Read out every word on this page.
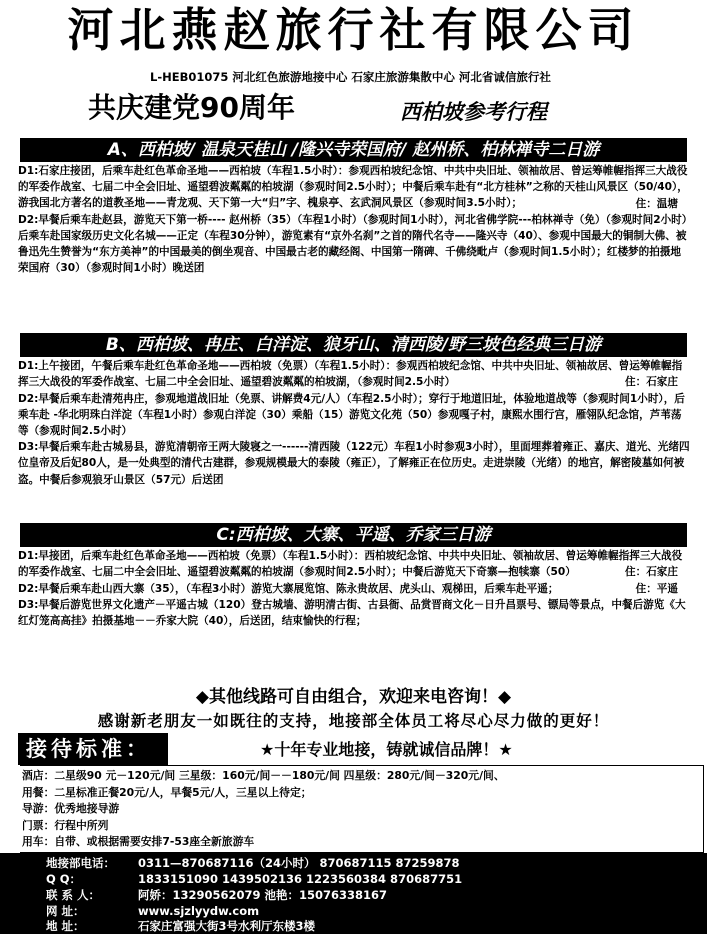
河北燕赵旅行社有限公司
L-HEB01075 河北红色旅游地接中心 石家庄旅游集散中心 河北省诚信旅行社
共庆建党90周年	西柏坡参考行程
A、西柏坡/ 温泉天桂山 /隆兴寺荣国府/ 赵州桥、柏林禅寺二日游

D1:石家庄接团，后乘车赴红色革命圣地——西柏坡（车程1.5小时）：参观西柏坡纪念馆、中共中央旧址、领袖故居、曾运筹帷幄指挥三大战役的军委作战室、七届二中全会旧址、遥望碧波粼粼的柏坡湖（参观时间2.5小时）；中餐后乘车赴有“北方桂林”之称的天桂山风景区（50/40），游我国北方著名的道教圣地——青龙观、天下第一大“归”字、槐泉亭、玄武洞风景区（参观时间3.5小时）；	住：温塘

D2:早餐后乘车赴赵县，游览天下第一桥---- 赵州桥（35）（车程1小时）（参观时间1小时），河北省佛学院---柏林禅寺（免）（参观时间2小时）后乘车赴国家级历史文化名城——正定（车程30分钟），游览素有“京外名刹”之首的隋代名寺——隆兴寺（40）、参观中国最大的铜制大佛、被鲁迅先生赞誉为“东方美神”的中国最美的倒坐观音、中国最古老的藏经阁、中国第一隋碑、千佛绕毗卢（参观时间1.5小时）；红楼梦的拍摄地荣国府（30）（参观时间1小时）晚送团

B、西柏坡、冉庄、白洋淀、狼牙山、清西陵/野三坡色经典三日游

D1:上午接团，午餐后乘车赴红色革命圣地——西柏坡（免票）（车程1.5小时）：参观西柏坡纪念馆、中共中央旧址、领袖故居、曾运筹帷幄指挥三大战役的军委作战室、七届二中全会旧址、遥望碧波粼粼的柏坡湖，（参观时间2.5小时）	住：石家庄

D2:早餐后乘车赴清苑冉庄，参观地道战旧址（免票、讲解费4元/人）（车程2.5小时）；穿行于地道旧址，体验地道战等（参观时间1小时），后乘车赴 -华北明珠白洋淀（车程1小时）参观白洋淀（30）乘船（15）游览文化苑（50）参观嘎子村，康熙水围行宫，雁翎队纪念馆，芦苇荡等（参观时间2.5小时）

D3:早餐后乘车赴古城易县，游览清朝帝王两大陵寝之一------清西陵（122元）车程1小时参观3小时），里面埋葬着雍正、嘉庆、道光、光绪四位皇帝及后妃80人，是一处典型的清代古建群，参观规模最大的泰陵（雍正），了解雍正在位历史。走进崇陵（光绪）的地宫，解密陵墓如何被盗。中餐后参观狼牙山景区（57元）后送团

C:西柏坡、大寨、平遥、乔家三日游

D1:早接团，后乘车赴红色革命圣地——西柏坡（免票）（车程1.5小时）：西柏坡纪念馆、中共中央旧址、领袖故居、曾运筹帷幄指挥三大战役的军委作战室、七届二中全会旧址、遥望碧波粼粼的柏坡湖（参观时间2.5小时）；中餐后游览天下奇寨—抱犊寨（50）	住：石家庄

D2:早餐后乘车赴山西大寨（35），（车程3小时）游览大寨展览馆、陈永贵故居、虎头山、观梯田，后乘车赴平遥；	住：平遥

D3:早餐后游览世界文化遗产－平遥古城（120）登古城墙、游明清古街、古县衙、品赏晋商文化－日升昌票号、镖局等景点，中餐后游览《大红灯笼高高挂》拍摄基地－－乔家大院（40），后送团，结束愉快的行程；

◆其他线路可自由组合，欢迎来电咨询！◆
感谢新老朋友一如既往的支持，地接部全体员工将尽心尽力做的更好！
接待标准：	★十年专业地接，铸就诚信品牌！★
酒店：二星级90 元－120元/间 三星级：160元/间－－180元/间 四星级：280元/间－320元/间、
用餐：二星标准正餐20元/人，早餐5元/人，三星以上待定；
导游：优秀地接导游
门票：行程中所列
用车：自带、或根据需要安排7-53座全新旅游车
地接部电话： 0311—870687116（24小时） 870687115 87259878
Q Q：	1833151090 1439502136 1223560384 870687751
联 系 人：	阿娇：13290562079 池艳：15076338167
网 址：	www.sjzlyydw.com
地 址：	石家庄富强大街3号水利厅东楼3楼
